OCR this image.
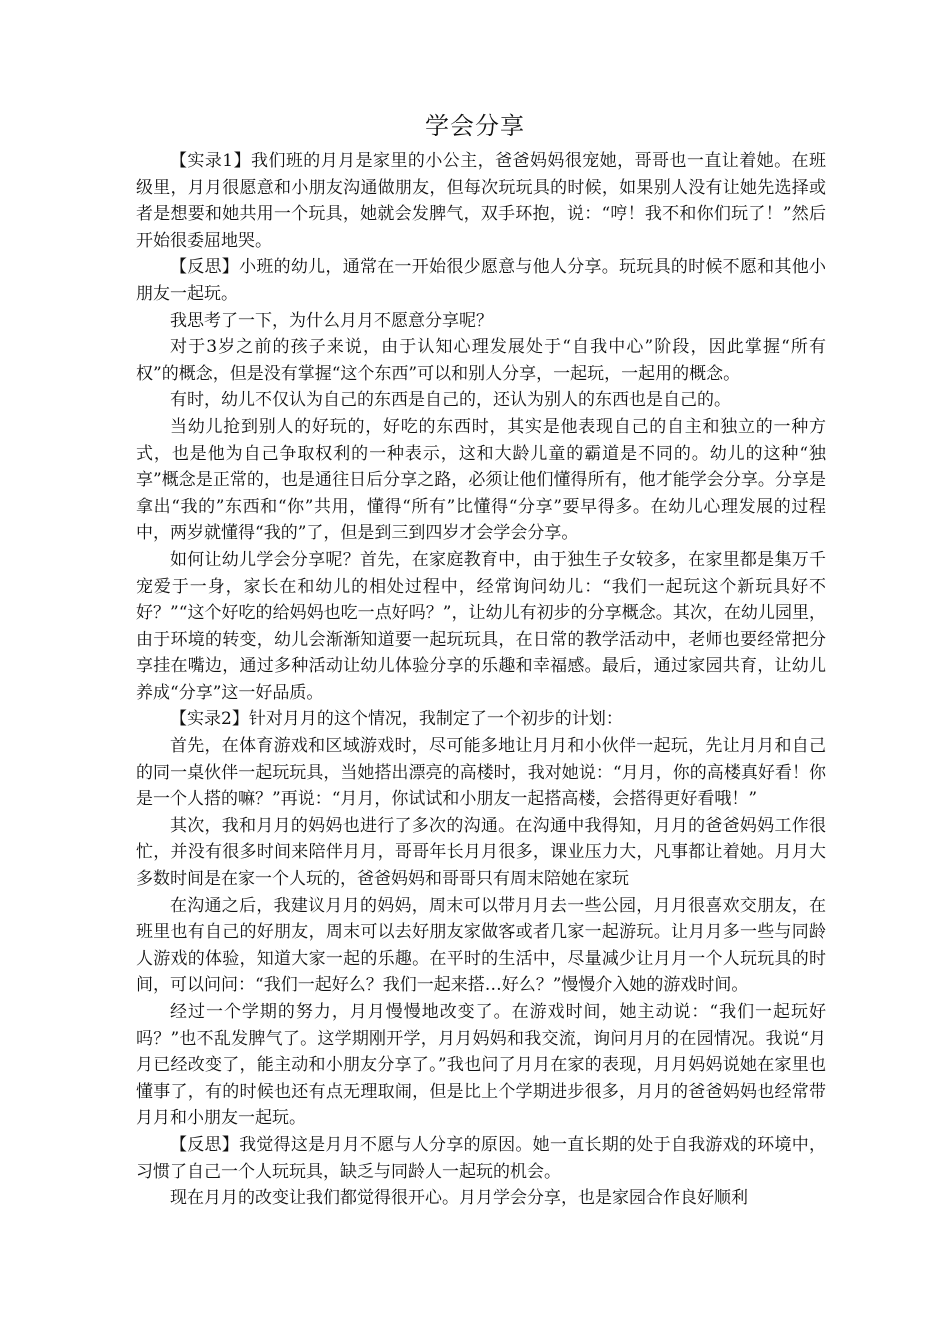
学会分享

【实录1】我们班的月月是家里的小公主，爸爸妈妈很宠她，哥哥也一直让着她。在班级里，月月很愿意和小朋友沟通做朋友，但每次玩玩具的时候，如果别人没有让她先选择或者是想要和她共用一个玩具，她就会发脾气，双手环抱，说：“哼！我不和你们玩了！”然后开始很委屈地哭。

【反思】小班的幼儿，通常在一开始很少愿意与他人分享。玩玩具的时候不愿和其他小朋友一起玩。

我思考了一下，为什么月月不愿意分享呢？

对于3岁之前的孩子来说，由于认知心理发展处于“自我中心”阶段，因此掌握“所有权”的概念，但是没有掌握“这个东西”可以和别人分享，一起玩，一起用的概念。

有时，幼儿不仅认为自己的东西是自己的，还认为别人的东西也是自己的。

当幼儿抢到别人的好玩的，好吃的东西时，其实是他表现自己的自主和独立的一种方式，也是他为自己争取权利的一种表示，这和大龄儿童的霸道是不同的。幼儿的这种“独享”概念是正常的，也是通往日后分享之路，必须让他们懂得所有，他才能学会分享。分享是拿出“我的”东西和“你”共用，懂得“所有”比懂得“分享”要早得多。在幼儿心理发展的过程中，两岁就懂得“我的”了，但是到三到四岁才会学会分享。

如何让幼儿学会分享呢？首先，在家庭教育中，由于独生子女较多，在家里都是集万千宠爱于一身，家长在和幼儿的相处过程中，经常询问幼儿：“我们一起玩这个新玩具好不好？”“这个好吃的给妈妈也吃一点好吗？”，让幼儿有初步的分享概念。其次，在幼儿园里，由于环境的转变，幼儿会渐渐知道要一起玩玩具，在日常的教学活动中，老师也要经常把分享挂在嘴边，通过多种活动让幼儿体验分享的乐趣和幸福感。最后，通过家园共育，让幼儿养成“分享”这一好品质。

【实录2】针对月月的这个情况，我制定了一个初步的计划：

首先，在体育游戏和区域游戏时，尽可能多地让月月和小伙伴一起玩，先让月月和自己的同一桌伙伴一起玩玩具，当她搭出漂亮的高楼时，我对她说：“月月，你的高楼真好看！你是一个人搭的嘛？”再说：“月月，你试试和小朋友一起搭高楼，会搭得更好看哦！”

其次，我和月月的妈妈也进行了多次的沟通。在沟通中我得知，月月的爸爸妈妈工作很忙，并没有很多时间来陪伴月月，哥哥年长月月很多，课业压力大，凡事都让着她。月月大多数时间是在家一个人玩的，爸爸妈妈和哥哥只有周末陪她在家玩

在沟通之后，我建议月月的妈妈，周末可以带月月去一些公园，月月很喜欢交朋友，在班里也有自己的好朋友，周末可以去好朋友家做客或者几家一起游玩。让月月多一些与同龄人游戏的体验，知道大家一起的乐趣。在平时的生活中，尽量减少让月月一个人玩玩具的时间，可以问问：“我们一起好么？我们一起来搭…好么？”慢慢介入她的游戏时间。

经过一个学期的努力，月月慢慢地改变了。在游戏时间，她主动说：“我们一起玩好吗？”也不乱发脾气了。这学期刚开学，月月妈妈和我交流，询问月月的在园情况。我说“月月已经改变了，能主动和小朋友分享了。”我也问了月月在家的表现，月月妈妈说她在家里也懂事了，有的时候也还有点无理取闹，但是比上个学期进步很多，月月的爸爸妈妈也经常带月月和小朋友一起玩。

【反思】我觉得这是月月不愿与人分享的原因。她一直长期的处于自我游戏的环境中，习惯了自己一个人玩玩具，缺乏与同龄人一起玩的机会。

现在月月的改变让我们都觉得很开心。月月学会分享，也是家园合作良好顺利
